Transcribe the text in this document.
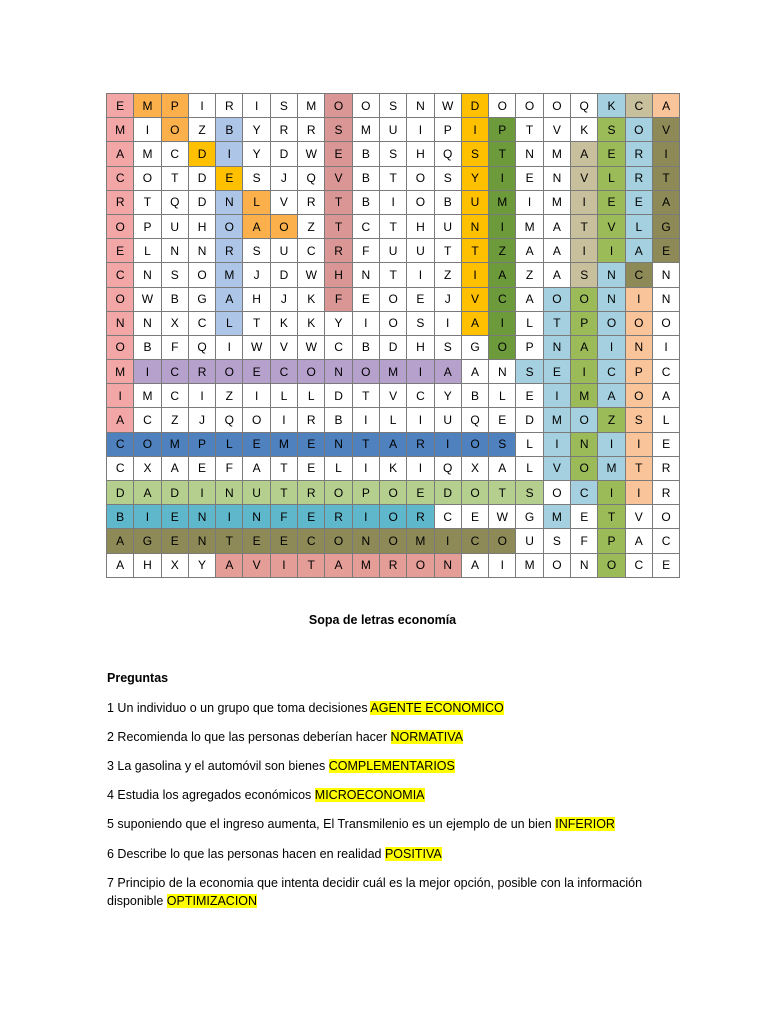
E	M	P	I	R	I	S	M	O	O	S	N	W	D	O	O	O	Q	K	C	A
M	I	O	Z	B	Y	R	R	S	M	U	I	P	I	P	T	V	K	S	O	V
A	M	C	D	I	Y	D	W	E	B	S	H	Q	S	T	N	M	A	E	R	I
C	O	T	D	E	S	J	Q	V	B	T	O	S	Y	I	E	N	V	L	R	T
R	T	Q	D	N	L	V	R	T	B	I	O	B	U	M	I	M	I	E	E	A
O	P	U	H	O	A	O	Z	T	C	T	H	U	N	I	M	A	T	V	L	G
E	L	N	N	R	S	U	C	R	F	U	U	T	T	Z	A	A	I	I	A	E
C	N	S	O	M	J	D	W	H	N	T	I	Z	I	A	Z	A	S	N	C	N
O	W	B	G	A	H	J	K	F	E	O	E	J	V	C	A	O	O	N	I	N
N	N	X	C	L	T	K	K	Y	I	O	S	I	A	I	L	T	P	O	O	O
O	B	F	Q	I	W	V	W	C	B	D	H	S	G	O	P	N	A	I	N	I
M	I	C	R	O	E	C	O	N	O	M	I	A	A	N	S	E	I	C	P	C
I	M	C	I	Z	I	L	L	D	T	V	C	Y	B	L	E	I	M	A	O	A
A	C	Z	J	Q	O	I	R	B	I	L	I	U	Q	E	D	M	O	Z	S	L
C	O	M	P	L	E	M	E	N	T	A	R	I	O	S	L	I	N	I	I	E
C	X	A	E	F	A	T	E	L	I	K	I	Q	X	A	L	V	O	M	T	R
D	A	D	I	N	U	T	R	O	P	O	E	D	O	T	S	O	C	I	I	R
B	I	E	N	I	N	F	E	R	I	O	R	C	E	W	G	M	E	T	V	O
A	G	E	N	T	E	E	C	O	N	O	M	I	C	O	U	S	F	P	A	C
A	H	X	Y	A	V	I	T	A	M	R	O	N	A	I	M	O	N	O	C	E
Sopa de letras economía
Preguntas
1 Un individuo o un grupo que toma decisiones AGENTE ECONOMICO
2 Recomienda lo que las personas deberían hacer NORMATIVA
3 La gasolina y el automóvil son bienes COMPLEMENTARIOS
4 Estudia los agregados económicos MICROECONOMIA
5 suponiendo que el ingreso aumenta, El Transmilenio es un ejemplo de un bien INFERIOR
6 Describe lo que las personas hacen en realidad POSITIVA
7 Principio de la economia que intenta decidir cuál es la mejor opción, posible con la información disponible OPTIMIZACION
